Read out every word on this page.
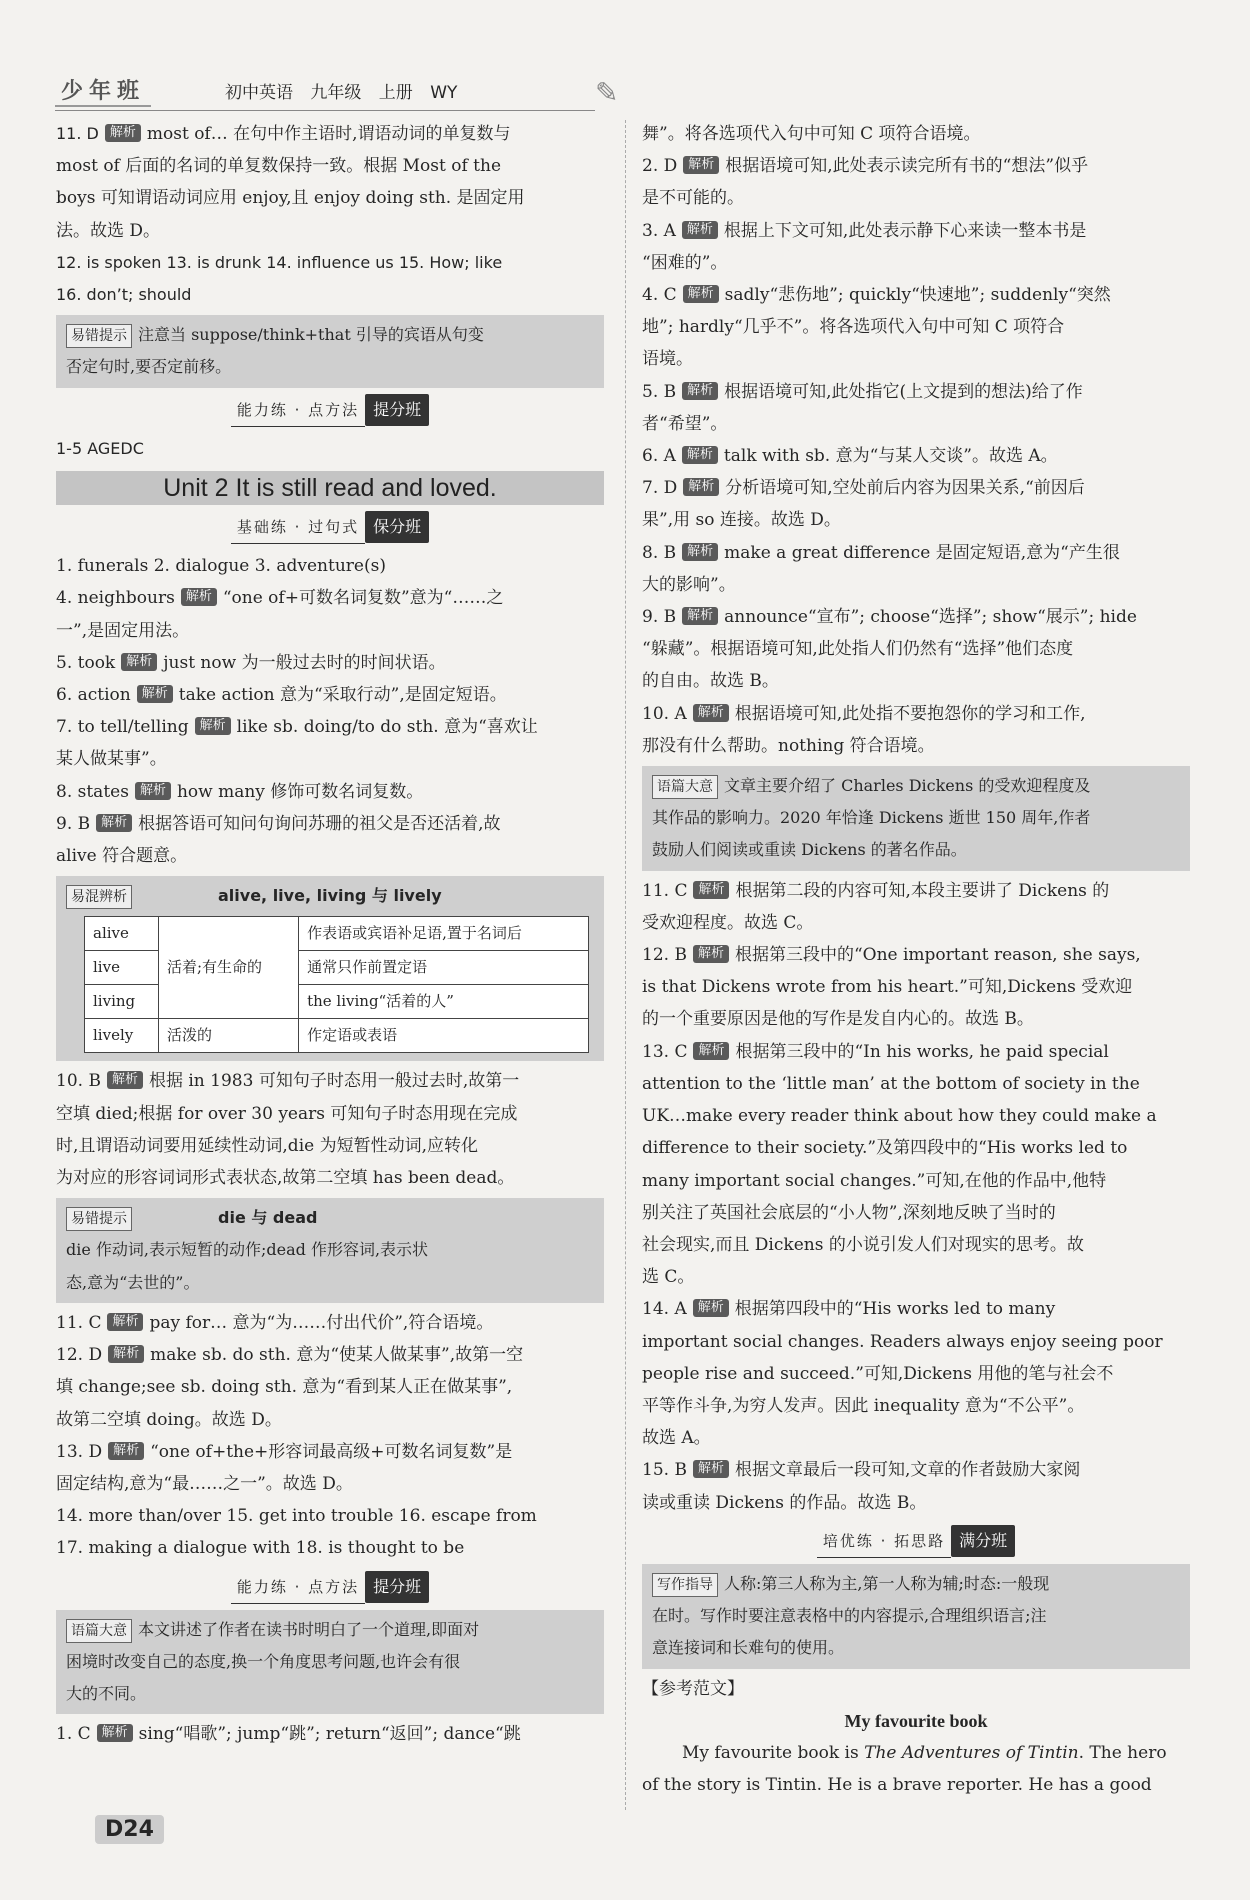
少年班	初中英语 九年级 上册 WY	✎
11. D 解析 most of… 在句中作主语时,谓语动词的单复数与
most of 后面的名词的单复数保持一致。根据 Most of the
boys 可知谓语动词应用 enjoy,且 enjoy doing sth. 是固定用
法。故选 D。
12. is spoken 13. is drunk 14. influence us 15. How; like
16. don’t; should
易错提示 注意当 suppose/think+that 引导的宾语从句变
否定句时,要否定前移。
能力练 · 点方法 提分班
1-5 AGEDC
Unit 2 It is still read and loved.
基础练 · 过句式 保分班
1. funerals 2. dialogue 3. adventure(s)
4. neighbours 解析 “one of+可数名词复数”意为“……之
一”,是固定用法。
5. took 解析 just now 为一般过去时的时间状语。
6. action 解析 take action 意为“采取行动”,是固定短语。
7. to tell/telling 解析 like sb. doing/to do sth. 意为“喜欢让
某人做某事”。
8. states 解析 how many 修饰可数名词复数。
9. B 解析 根据答语可知问句询问苏珊的祖父是否还活着,故
alive 符合题意。
易混辨析	alive, live, living 与 lively
alive	活着;有生命的	作表语或宾语补足语,置于名词后
live		通常只作前置定语
living		the living“活着的人”
lively	活泼的	作定语或表语
10. B 解析 根据 in 1983 可知句子时态用一般过去时,故第一
空填 died;根据 for over 30 years 可知句子时态用现在完成
时,且谓语动词要用延续性动词,die 为短暂性动词,应转化
为对应的形容词词形式表状态,故第二空填 has been dead。
易错提示	die 与 dead
die 作动词,表示短暂的动作;dead 作形容词,表示状
态,意为“去世的”。
11. C 解析 pay for… 意为“为……付出代价”,符合语境。
12. D 解析 make sb. do sth. 意为“使某人做某事”,故第一空
填 change;see sb. doing sth. 意为“看到某人正在做某事”,
故第二空填 doing。故选 D。
13. D 解析 “one of+the+形容词最高级+可数名词复数”是
固定结构,意为“最……之一”。故选 D。
14. more than/over 15. get into trouble 16. escape from
17. making a dialogue with 18. is thought to be
能力练 · 点方法 提分班
语篇大意 本文讲述了作者在读书时明白了一个道理,即面对
困境时改变自己的态度,换一个角度思考问题,也许会有很
大的不同。
1. C 解析 sing“唱歌”; jump“跳”; return“返回”; dance“跳
舞”。将各选项代入句中可知 C 项符合语境。
2. D 解析 根据语境可知,此处表示读完所有书的“想法”似乎
是不可能的。
3. A 解析 根据上下文可知,此处表示静下心来读一整本书是
“困难的”。
4. C 解析 sadly“悲伤地”; quickly“快速地”; suddenly“突然
地”; hardly“几乎不”。将各选项代入句中可知 C 项符合
语境。
5. B 解析 根据语境可知,此处指它(上文提到的想法)给了作
者“希望”。
6. A 解析 talk with sb. 意为“与某人交谈”。故选 A。
7. D 解析 分析语境可知,空处前后内容为因果关系,“前因后
果”,用 so 连接。故选 D。
8. B 解析 make a great difference 是固定短语,意为“产生很
大的影响”。
9. B 解析 announce“宣布”; choose“选择”; show“展示”; hide
“躲藏”。根据语境可知,此处指人们仍然有“选择”他们态度
的自由。故选 B。
10. A 解析 根据语境可知,此处指不要抱怨你的学习和工作,
那没有什么帮助。nothing 符合语境。
语篇大意 文章主要介绍了 Charles Dickens 的受欢迎程度及
其作品的影响力。2020 年恰逢 Dickens 逝世 150 周年,作者
鼓励人们阅读或重读 Dickens 的著名作品。
11. C 解析 根据第二段的内容可知,本段主要讲了 Dickens 的
受欢迎程度。故选 C。
12. B 解析 根据第三段中的“One important reason, she says,
is that Dickens wrote from his heart.”可知,Dickens 受欢迎
的一个重要原因是他的写作是发自内心的。故选 B。
13. C 解析 根据第三段中的“In his works, he paid special
attention to the ‘little man’ at the bottom of society in the
UK…make every reader think about how they could make a
difference to their society.”及第四段中的“His works led to
many important social changes.”可知,在他的作品中,他特
别关注了英国社会底层的“小人物”,深刻地反映了当时的
社会现实,而且 Dickens 的小说引发人们对现实的思考。故
选 C。
14. A 解析 根据第四段中的“His works led to many
important social changes. Readers always enjoy seeing poor
people rise and succeed.”可知,Dickens 用他的笔与社会不
平等作斗争,为穷人发声。因此 inequality 意为“不公平”。
故选 A。
15. B 解析 根据文章最后一段可知,文章的作者鼓励大家阅
读或重读 Dickens 的作品。故选 B。
培优练 · 拓思路 满分班
写作指导 人称:第三人称为主,第一人称为辅;时态:一般现
在时。写作时要注意表格中的内容提示,合理组织语言;注
意连接词和长难句的使用。
【参考范文】
My favourite book
My favourite book is The Adventures of Tintin. The hero
of the story is Tintin. He is a brave reporter. He has a good
D24
